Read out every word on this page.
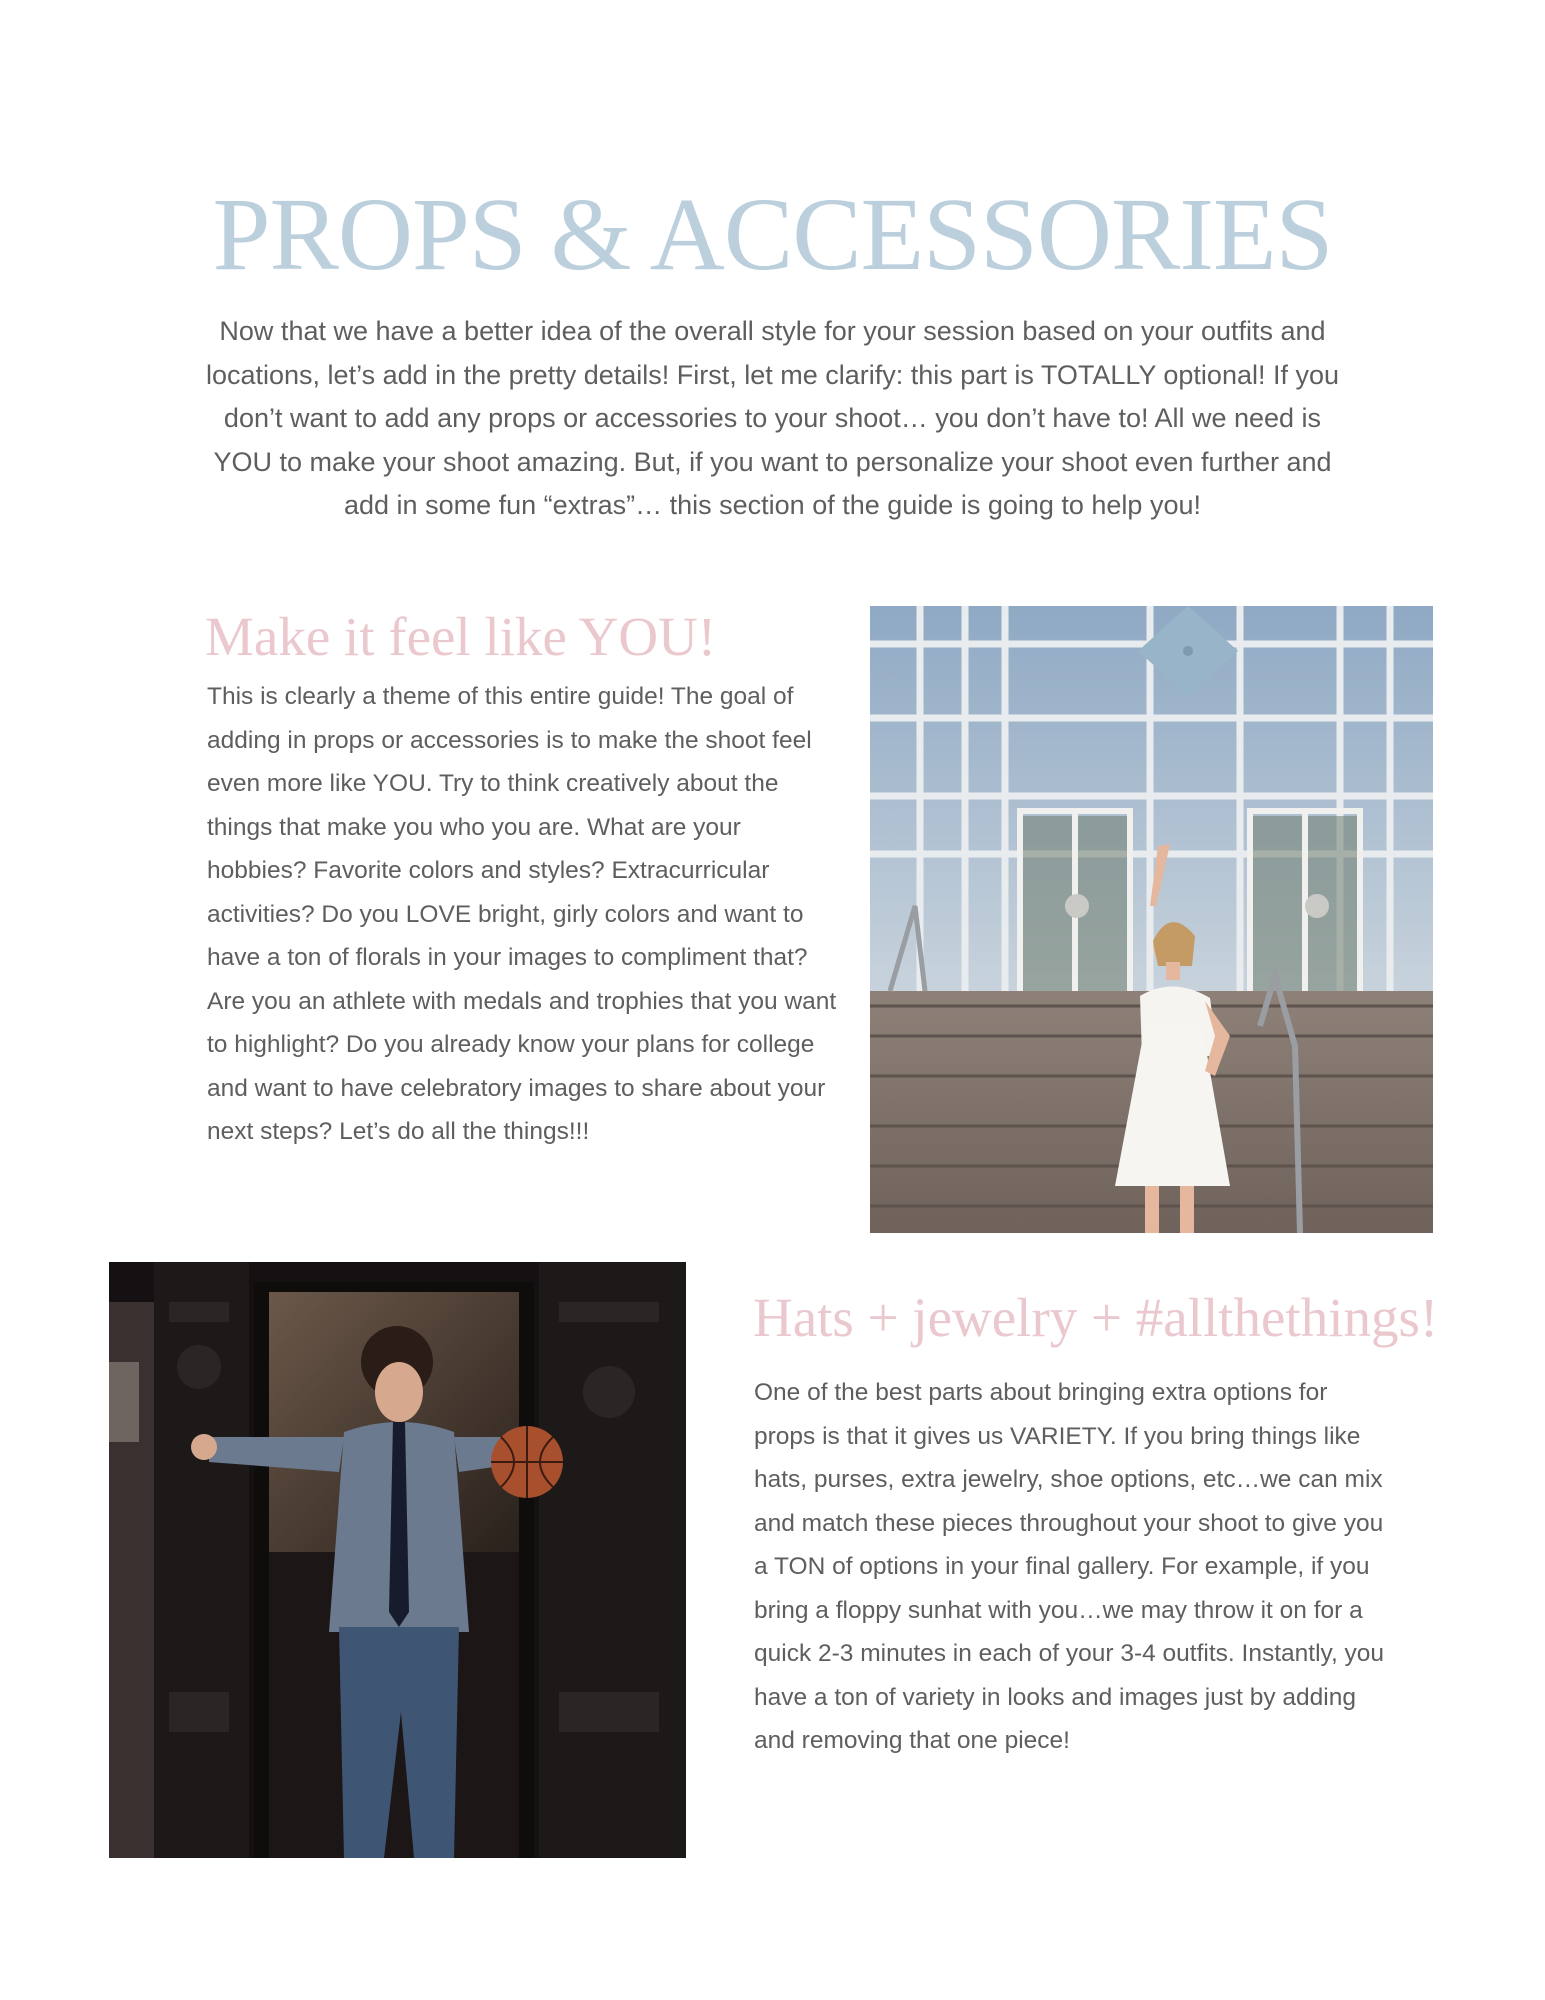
PROPS & ACCESSORIES

Now that we have a better idea of the overall style for your session based on your outfits and locations, let’s add in the pretty details! First, let me clarify: this part is TOTALLY optional! If you don’t want to add any props or accessories to your shoot… you don’t have to! All we need is YOU to make your shoot amazing. But, if you want to personalize your shoot even further and add in some fun “extras”… this section of the guide is going to help you!

Make it feel like YOU!

This is clearly a theme of this entire guide! The goal of adding in props or accessories is to make the shoot feel even more like YOU. Try to think creatively about the things that make you who you are. What are your hobbies? Favorite colors and styles? Extracurricular activities? Do you LOVE bright, girly colors and want to have a ton of florals in your images to compliment that? Are you an athlete with medals and trophies that you want to highlight? Do you already know your plans for college and want to have celebratory images to share about your next steps? Let’s do all the things!!!

Hats + jewelry + #allthethings!

One of the best parts about bringing extra options for props is that it gives us VARIETY. If you bring things like hats, purses, extra jewelry, shoe options, etc…we can mix and match these pieces throughout your shoot to give you a TON of options in your final gallery. For example, if you bring a floppy sunhat with you…we may throw it on for a quick 2-3 minutes in each of your 3-4 outfits. Instantly, you have a ton of variety in looks and images just by adding and removing that one piece!
